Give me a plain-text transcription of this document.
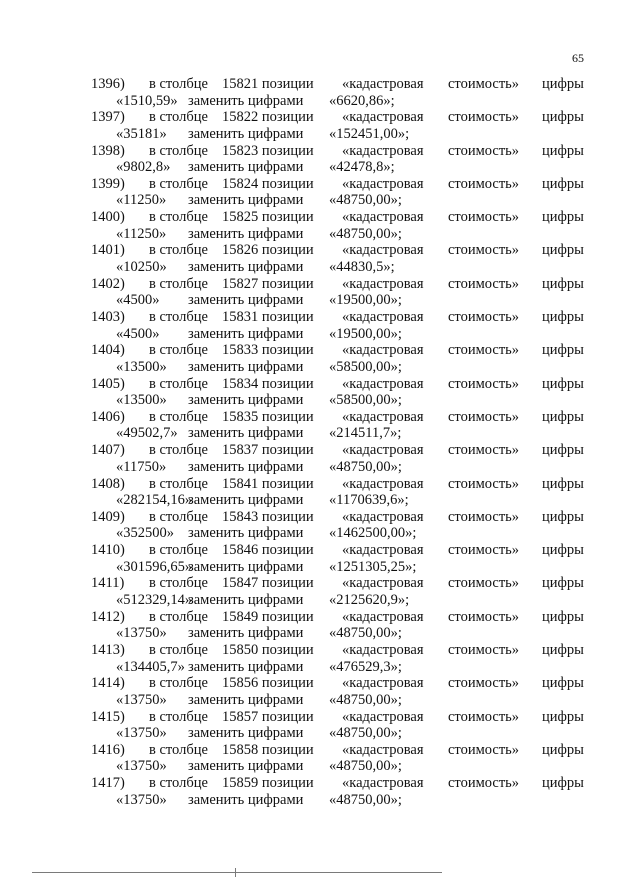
65
1396) в столбце 15821 позиции «кадастровая стоимость» цифры
«1510,59» заменить цифрами «6620,86»;
1397) в столбце 15822 позиции «кадастровая стоимость» цифры
«35181» заменить цифрами «152451,00»;
1398) в столбце 15823 позиции «кадастровая стоимость» цифры
«9802,8» заменить цифрами «42478,8»;
1399) в столбце 15824 позиции «кадастровая стоимость» цифры
«11250» заменить цифрами «48750,00»;
1400) в столбце 15825 позиции «кадастровая стоимость» цифры
«11250» заменить цифрами «48750,00»;
1401) в столбце 15826 позиции «кадастровая стоимость» цифры
«10250» заменить цифрами «44830,5»;
1402) в столбце 15827 позиции «кадастровая стоимость» цифры
«4500» заменить цифрами «19500,00»;
1403) в столбце 15831 позиции «кадастровая стоимость» цифры
«4500» заменить цифрами «19500,00»;
1404) в столбце 15833 позиции «кадастровая стоимость» цифры
«13500» заменить цифрами «58500,00»;
1405) в столбце 15834 позиции «кадастровая стоимость» цифры
«13500» заменить цифрами «58500,00»;
1406) в столбце 15835 позиции «кадастровая стоимость» цифры
«49502,7» заменить цифрами «214511,7»;
1407) в столбце 15837 позиции «кадастровая стоимость» цифры
«11750» заменить цифрами «48750,00»;
1408) в столбце 15841 позиции «кадастровая стоимость» цифры
«282154,16»
заменить цифрами «1170639,6»;
1409) в столбце 15843 позиции «кадастровая стоимость» цифры
«352500» заменить цифрами «1462500,00»;
1410) в столбце 15846 позиции «кадастровая стоимость» цифры
«301596,65»
заменить цифрами «1251305,25»;
1411) в столбце 15847 позиции «кадастровая стоимость» цифры
«512329,14»
заменить цифрами «2125620,9»;
1412) в столбце 15849 позиции «кадастровая стоимость» цифры
«13750» заменить цифрами «48750,00»;
1413) в столбце 15850 позиции «кадастровая стоимость» цифры
«134405,7» заменить цифрами «476529,3»;
1414) в столбце 15856 позиции «кадастровая стоимость» цифры
«13750» заменить цифрами «48750,00»;
1415) в столбце 15857 позиции «кадастровая стоимость» цифры
«13750» заменить цифрами «48750,00»;
1416) в столбце 15858 позиции «кадастровая стоимость» цифры
«13750» заменить цифрами «48750,00»;
1417) в столбце 15859 позиции «кадастровая стоимость» цифры
«13750» заменить цифрами «48750,00»;
